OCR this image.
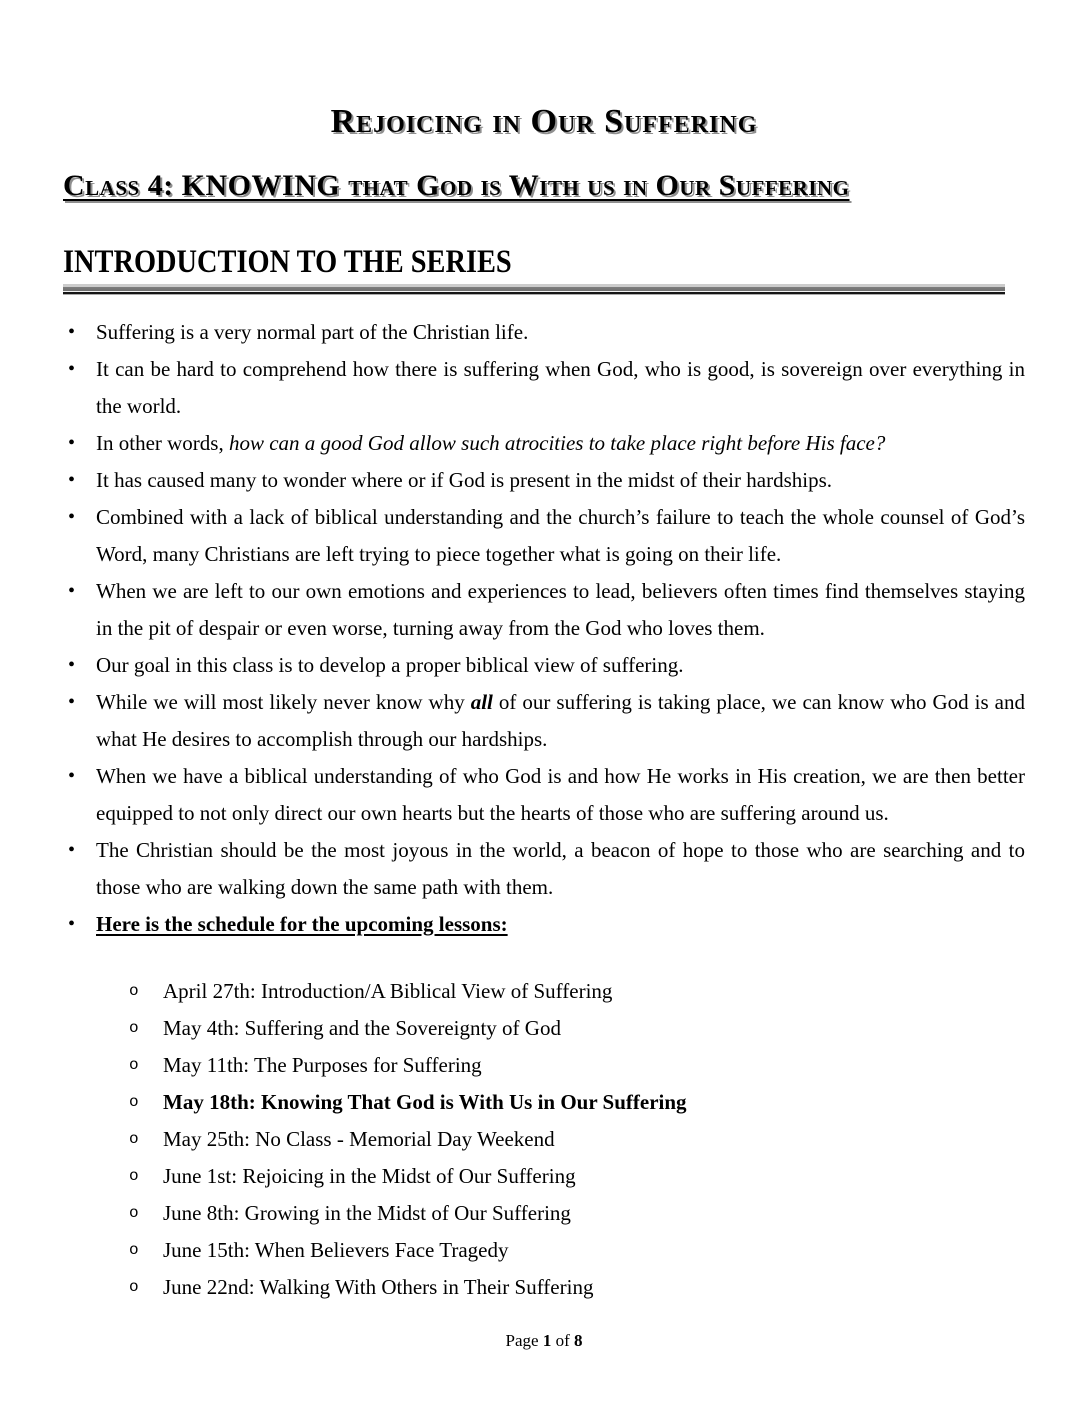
Rejoicing in Our Suffering
Class 4: KNOWING that God is With us in Our Suffering
INTRODUCTION TO THE SERIES
• Suffering is a very normal part of the Christian life.
• It can be hard to comprehend how there is suffering when God, who is good, is sovereign over everything in the world.
• In other words, how can a good God allow such atrocities to take place right before His face?
• It has caused many to wonder where or if God is present in the midst of their hardships.
• Combined with a lack of biblical understanding and the church’s failure to teach the whole counsel of God’s Word, many Christians are left trying to piece together what is going on their life.
• When we are left to our own emotions and experiences to lead, believers often times find themselves staying in the pit of despair or even worse, turning away from the God who loves them.
• Our goal in this class is to develop a proper biblical view of suffering.
• While we will most likely never know why all of our suffering is taking place, we can know who God is and what He desires to accomplish through our hardships.
• When we have a biblical understanding of who God is and how He works in His creation, we are then better equipped to not only direct our own hearts but the hearts of those who are suffering around us.
• The Christian should be the most joyous in the world, a beacon of hope to those who are searching and to those who are walking down the same path with them.
• Here is the schedule for the upcoming lessons:
o April 27th: Introduction/A Biblical View of Suffering
o May 4th: Suffering and the Sovereignty of God
o May 11th: The Purposes for Suffering
o May 18th: Knowing That God is With Us in Our Suffering
o May 25th: No Class - Memorial Day Weekend
o June 1st: Rejoicing in the Midst of Our Suffering
o June 8th: Growing in the Midst of Our Suffering
o June 15th: When Believers Face Tragedy
o June 22nd: Walking With Others in Their Suffering
Page 1 of 8
